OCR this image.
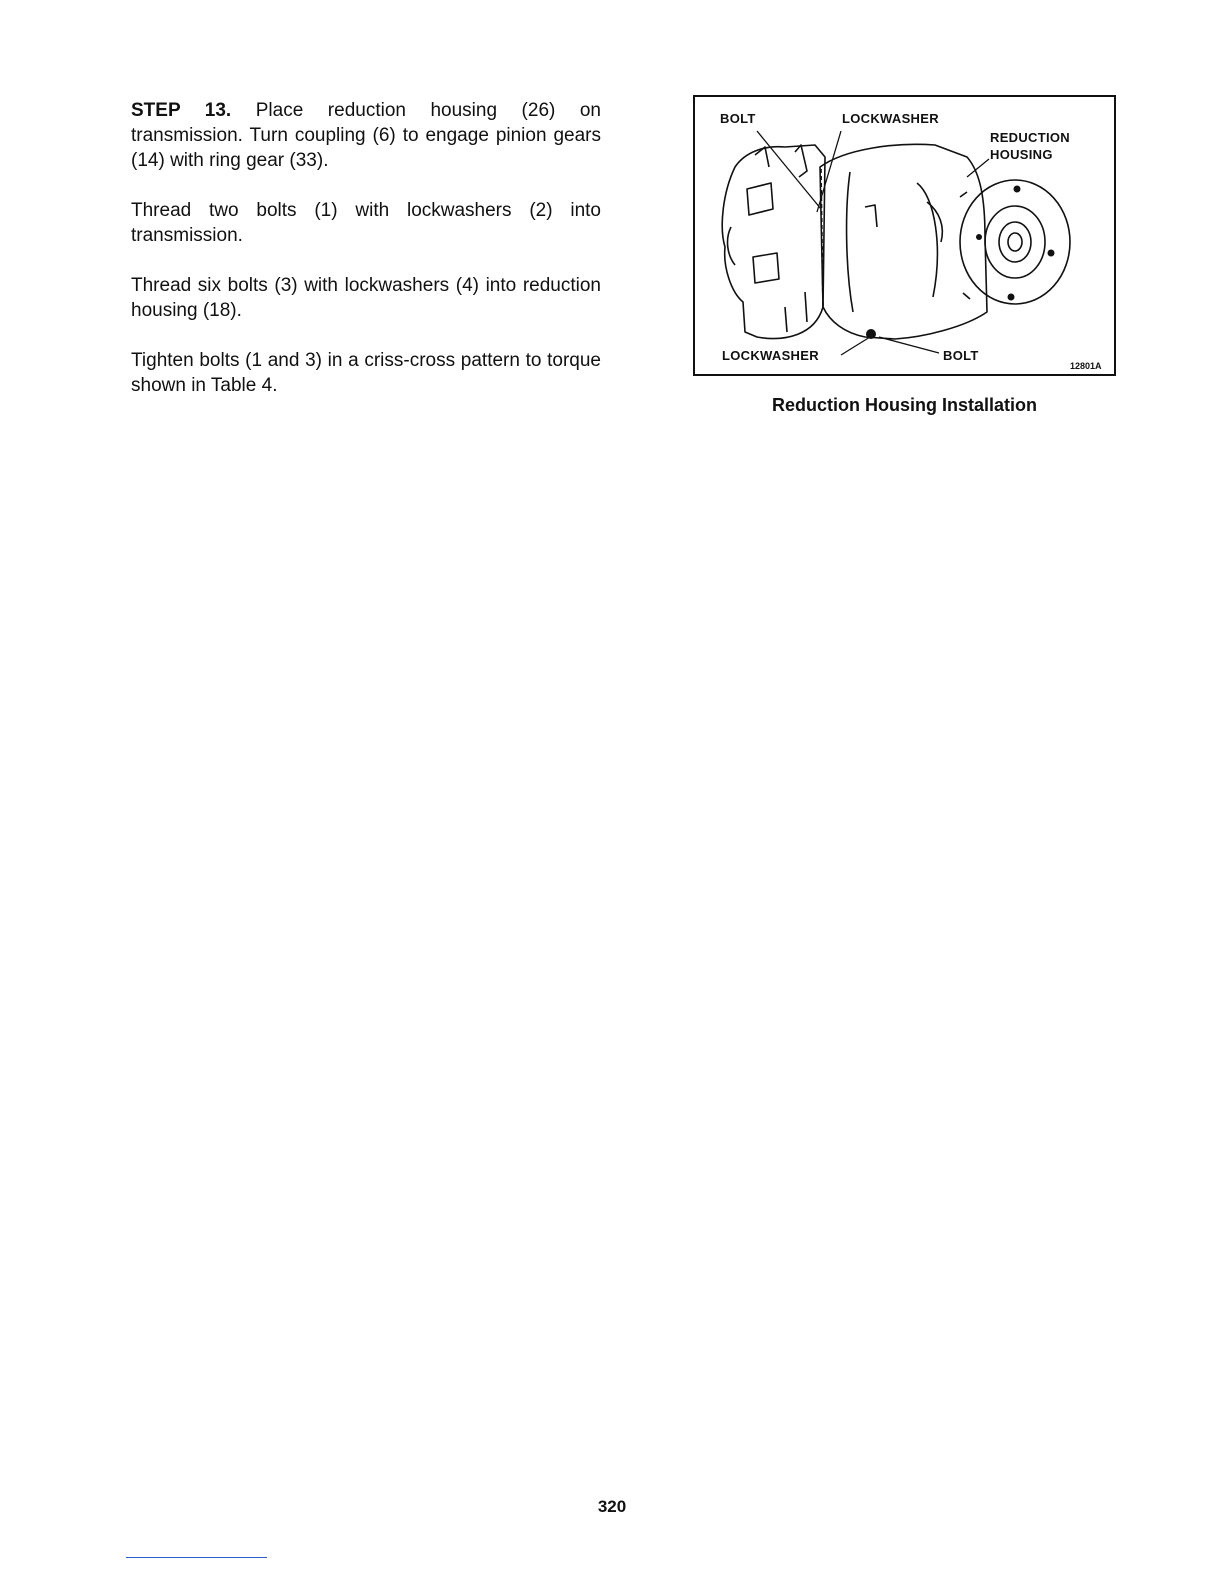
STEP 13. Place reduction housing (26) on transmission. Turn coupling (6) to engage pinion gears (14) with ring gear (33).

Thread two bolts (1) with lockwashers (2) into transmission.

Thread six bolts (3) with lockwashers (4) into reduction housing (18).

Tighten bolts (1 and 3) in a criss-cross pattern to torque shown in Table 4.

BOLT	LOCKWASHER
REDUCTION
HOUSING
LOCKWASHER	BOLT
12801A
Reduction Housing Installation
320
